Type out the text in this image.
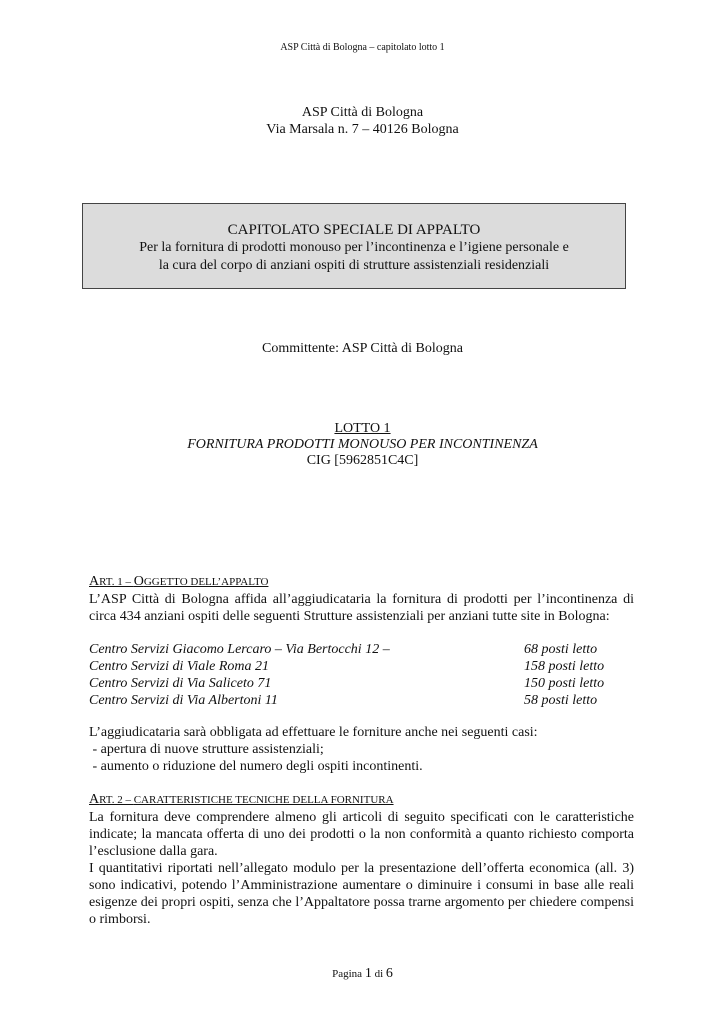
ASP Città di Bologna – capitolato lotto 1
ASP Città di Bologna
Via Marsala n. 7 – 40126 Bologna
CAPITOLATO SPECIALE DI APPALTO
Per la fornitura di prodotti monouso per l’incontinenza e l’igiene personale e
la cura del corpo di anziani ospiti di strutture assistenziali residenziali
Committente: ASP Città di Bologna
LOTTO 1
FORNITURA PRODOTTI MONOUSO PER INCONTINENZA
CIG [5962851C4C]
ART. 1 – OGGETTO DELL’APPALTO
L’ASP Città di Bologna affida all’aggiudicataria la fornitura di prodotti per l’incontinenza di circa 434 anziani ospiti delle seguenti Strutture assistenziali per anziani tutte site in Bologna:
Centro Servizi Giacomo Lercaro – Via Bertocchi 12 –	68 posti letto
Centro Servizi di Viale Roma 21	158 posti letto
Centro Servizi di Via Saliceto 71	150 posti letto
Centro Servizi di Via Albertoni 11	58 posti letto
L’aggiudicataria sarà obbligata ad effettuare le forniture anche nei seguenti casi:
- apertura di nuove strutture assistenziali;
- aumento o riduzione del numero degli ospiti incontinenti.
ART. 2 – CARATTERISTICHE TECNICHE DELLA FORNITURA
La fornitura deve comprendere almeno gli articoli di seguito specificati con le caratteristiche indicate; la mancata offerta di uno dei prodotti o la non conformità a quanto richiesto comporta l’esclusione dalla gara.
I quantitativi riportati nell’allegato modulo per la presentazione dell’offerta economica (all. 3) sono indicativi, potendo l’Amministrazione aumentare o diminuire i consumi in base alle reali esigenze dei propri ospiti, senza che l’Appaltatore possa trarne argomento per chiedere compensi o rimborsi.
Pagina 1 di 6
